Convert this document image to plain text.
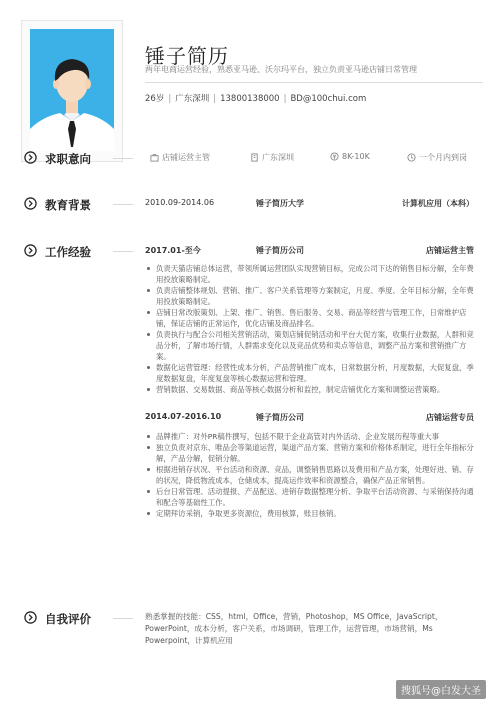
锤子简历
两年电商运营经验，熟悉亚马逊、沃尔玛平台，独立负责亚马逊店铺日常管理
26岁 | 广东深圳 | 13800138000 | BD@100chui.com
求职意向	店铺运营主管	广东深圳	8K-10K	一个月内到岗
教育背景	2010.09-2014.06	锤子简历大学	计算机应用（本科）
工作经验	2017.01-至今	锤子简历公司	店铺运营主管
负责天猫店铺总体运营，带领所属运营团队实现营销目标，完成公司下达的销售目标分解，全年费用投放策略制定。
负责店铺整体规划、营销、推广、客户关系管理等方案制定，月度、季度、全年目标分解，全年费用投放策略制定。
店铺日常改版策划、上架、推广、销售、售后服务、交易、商品等经营与管理工作，日常维护店铺，保证店铺的正常运作，优化店铺及商品排名。
负责执行与配合公司相关营销活动，策划店铺促销活动和平台大促方案，收集行业数据，人群和竞品分析，了解市场行情，人群需求变化以及竞品优势和卖点等信息，调整产品方案和营销推广方案。
数据化运营管理：经营性成本分析，产品营销推广成本，日常数据分析，月度数据，大促复盘，季度数据复盘，年度复盘等核心数据运营和管理。
营销数据、交易数据、商品等核心数据分析和监控，制定店铺优化方案和调整运营策略。
2014.07-2016.10	锤子简历公司	店铺运营专员
品牌推广：对外PR稿件撰写，包括不限于企业高管对内外活动、企业发展历程等重大事
独立负责对京东、唯品会等渠道运营，渠道产品方案、营销方案和价格体系制定，进行全年指标分解，产品分解，促销分解。
根据进销存状况、平台活动和资源、竞品，调整销售思路以及费用和产品方案，处理好进、销、存的状况，降低物流成本，仓储成本，提高运作效率和资源整合，确保产品正常销售。
后台日常管理、活动提报、产品配送、进销存数据整理分析、争取平台活动资源、与采销保持沟通和配合等基础性工作。
定期拜访采销，争取更多资源位，费用核算，账目核销。
自我评价	熟悉掌握的技能：CSS，html，Office，营销，Photoshop，MS Office，JavaScript，PowerPoint，成本分析，客户关系，市场调研，管理工作，运营管理，市场营销，Ms Powerpoint，计算机应用
搜狐号@白发大圣
